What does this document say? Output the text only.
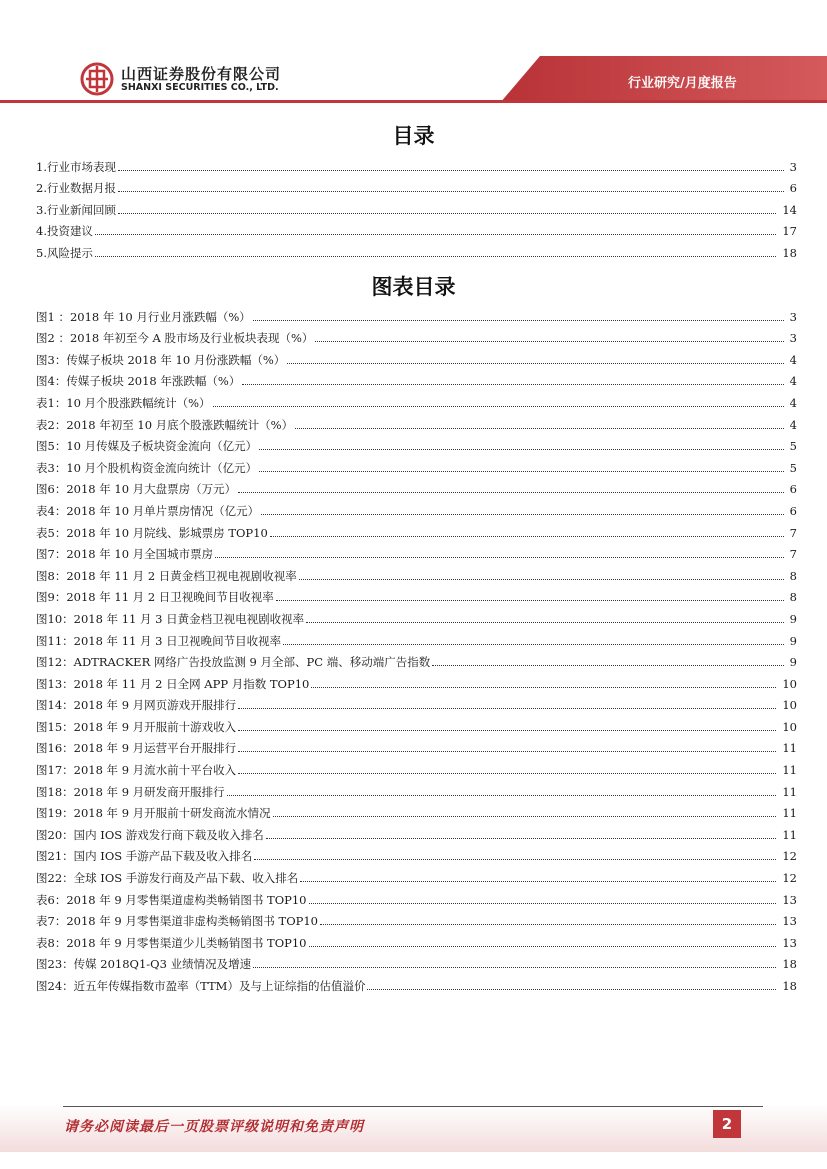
山西证券股份有限公司
SHANXI SECURITIES CO., LTD.	行业研究/月度报告
目录
1.行业市场表现	3
2.行业数据月报	6
3.行业新闻回顾	14
4.投资建议	17
5.风险提示	18
图表目录
图1 ：2018 年 10 月行业月涨跌幅（%）	3
图2 ：2018 年初至今 A 股市场及行业板块表现（%）	3
图3：传媒子板块 2018 年 10 月份涨跌幅（%）	4
图4：传媒子板块 2018 年涨跌幅（%）	4
表1：10 月个股涨跌幅统计（%）	4
表2：2018 年初至 10 月底个股涨跌幅统计（%）	4
图5：10 月传媒及子板块资金流向（亿元）	5
表3：10 月个股机构资金流向统计（亿元）	5
图6：2018 年 10 月大盘票房（万元）	6
表4：2018 年 10 月单片票房情况（亿元）	6
表5：2018 年 10 月院线、影城票房 TOP10	7
图7：2018 年 10 月全国城市票房	7
图8：2018 年 11 月 2 日黄金档卫视电视剧收视率	8
图9：2018 年 11 月 2 日卫视晚间节目收视率	8
图10：2018 年 11 月 3 日黄金档卫视电视剧收视率	9
图11：2018 年 11 月 3 日卫视晚间节目收视率	9
图12：ADTRACKER 网络广告投放监测 9 月全部、PC 端、移动端广告指数	9
图13：2018 年 11 月 2 日全网 APP 月指数 TOP10	10
图14：2018 年 9 月网页游戏开服排行	10
图15：2018 年 9 月开服前十游戏收入	10
图16：2018 年 9 月运营平台开服排行	11
图17：2018 年 9 月流水前十平台收入	11
图18：2018 年 9 月研发商开服排行	11
图19：2018 年 9 月开服前十研发商流水情况	11
图20：国内 IOS 游戏发行商下载及收入排名	11
图21：国内 IOS 手游产品下载及收入排名	12
图22：全球 IOS 手游发行商及产品下载、收入排名	12
表6：2018 年 9 月零售渠道虚构类畅销图书 TOP10	13
表7：2018 年 9 月零售渠道非虚构类畅销图书 TOP10	13
表8：2018 年 9 月零售渠道少儿类畅销图书 TOP10	13
图23：传媒 2018Q1-Q3 业绩情况及增速	18
图24：近五年传媒指数市盈率（TTM）及与上证综指的估值溢价	18
请务必阅读最后一页股票评级说明和免责声明	2
